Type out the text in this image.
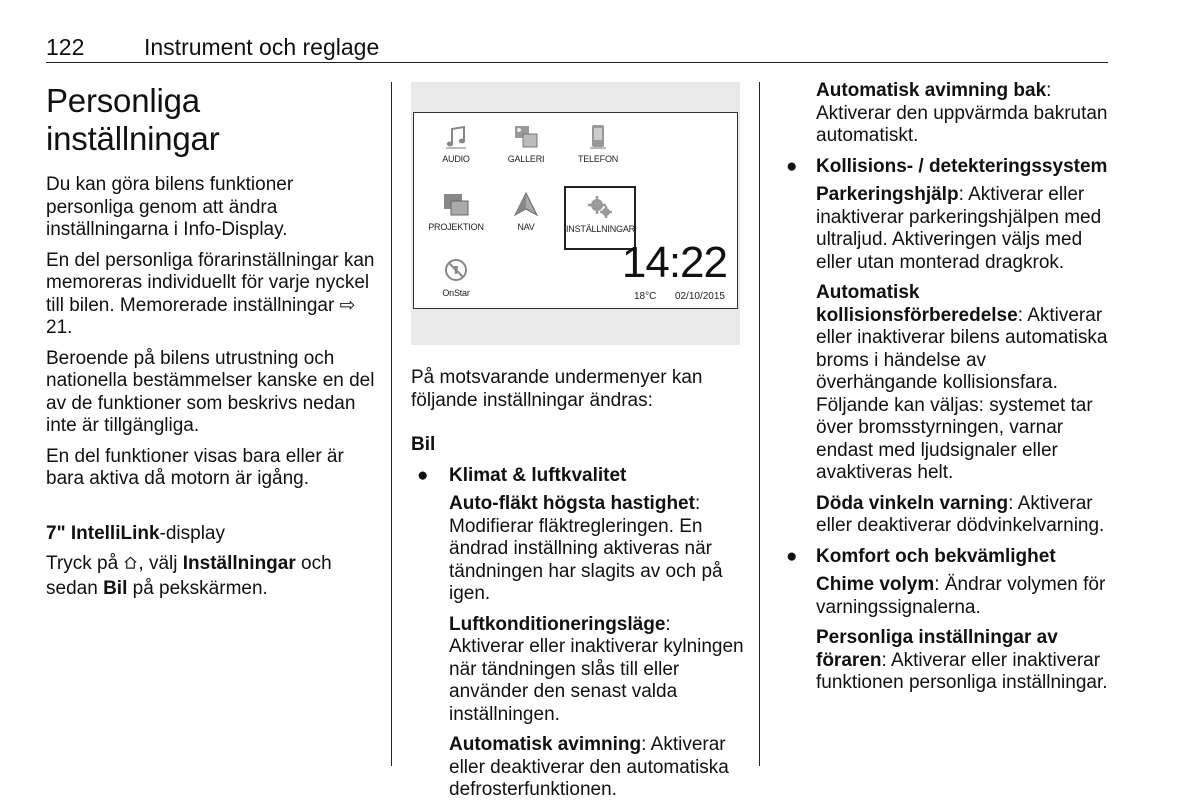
122	Instrument och reglage
Personliga inställningar

Du kan göra bilens funktioner personliga genom att ändra inställningarna i Info-Display.

En del personliga förarinställningar kan memoreras individuellt för varje nyckel till bilen. Memorerade inställningar ⇨ 21.

Beroende på bilens utrustning och nationella bestämmelser kanske en del av de funktioner som beskrivs nedan inte är tillgängliga.

En del funktioner visas bara eller är bara aktiva då motorn är igång.

7" IntelliLink-display

Tryck på , välj Inställningar och sedan Bil på pekskärmen.

AUDIO	GALLERI	TELEFON
PROJEKTION	NAV	INSTÄLLNINGAR
OnStar
14:22
18°C 02/10/2015

På motsvarande undermenyer kan följande inställningar ändras:

Bil

● Klimat & luftkvalitet

Auto-fläkt högsta hastighet: Modifierar fläktregleringen. En ändrad inställning aktiveras när tändningen har slagits av och på igen.

Luftkonditioneringsläge: Aktiverar eller inaktiverar kylningen när tändningen slås till eller använder den senast valda inställningen.

Automatisk avimning: Aktiverar eller deaktiverar den automatiska defrosterfunktionen.

Automatisk avimning bak: Aktiverar den uppvärmda bakrutan automatiskt.

● Kollisions- / detekteringssystem

Parkeringshjälp: Aktiverar eller inaktiverar parkeringshjälpen med ultraljud. Aktiveringen väljs med eller utan monterad dragkrok.

Automatisk kollisionsförberedelse: Aktiverar eller inaktiverar bilens automatiska broms i händelse av överhängande kollisionsfara. Följande kan väljas: systemet tar över bromsstyrningen, varnar endast med ljudsignaler eller avaktiveras helt.

Döda vinkeln varning: Aktiverar eller deaktiverar dödvinkelvarning.

● Komfort och bekvämlighet

Chime volym: Ändrar volymen för varningssignalerna.

Personliga inställningar av föraren: Aktiverar eller inaktiverar funktionen personliga inställningar.
